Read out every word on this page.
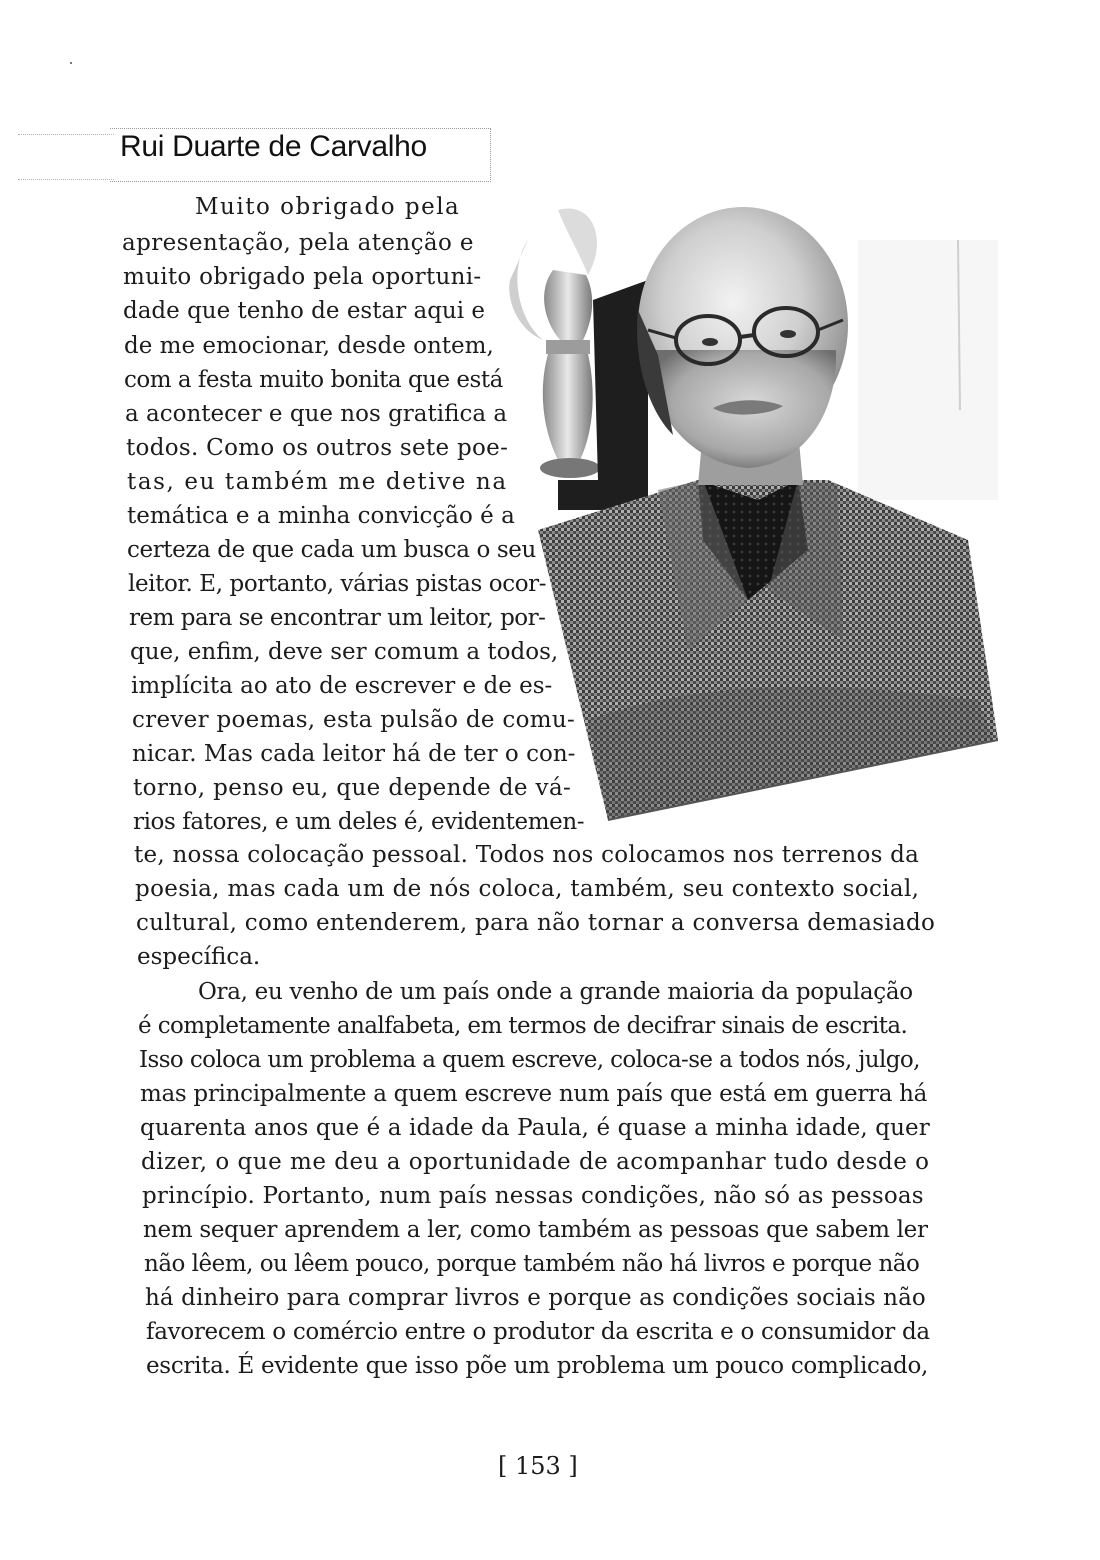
Rui Duarte de Carvalho
Muito obrigado pela
apresentação, pela atenção e
muito obrigado pela oportuni-
dade que tenho de estar aqui e
de me emocionar, desde ontem,
com a festa muito bonita que está
a acontecer e que nos gratifica a
todos. Como os outros sete poe-
tas, eu também me detive na
temática e a minha convicção é a
certeza de que cada um busca o seu
leitor. E, portanto, várias pistas ocor-
rem para se encontrar um leitor, por-
que, enfim, deve ser comum a todos,
implícita ao ato de escrever e de es-
crever poemas, esta pulsão de comu-
nicar. Mas cada leitor há de ter o con-
torno, penso eu, que depende de vá-
rios fatores, e um deles é, evidentemen-
te, nossa colocação pessoal. Todos nos colocamos nos terrenos da
poesia, mas cada um de nós coloca, também, seu contexto social,
cultural, como entenderem, para não tornar a conversa demasiado
específica.
Ora, eu venho de um país onde a grande maioria da população
é completamente analfabeta, em termos de decifrar sinais de escrita.
Isso coloca um problema a quem escreve, coloca-se a todos nós, julgo,
mas principalmente a quem escreve num país que está em guerra há
quarenta anos que é a idade da Paula, é quase a minha idade, quer
dizer, o que me deu a oportunidade de acompanhar tudo desde o
princípio. Portanto, num país nessas condições, não só as pessoas
nem sequer aprendem a ler, como também as pessoas que sabem ler
não lêem, ou lêem pouco, porque também não há livros e porque não
há dinheiro para comprar livros e porque as condições sociais não
favorecem o comércio entre o produtor da escrita e o consumidor da
escrita. É evidente que isso põe um problema um pouco complicado,
[ 153 ]
